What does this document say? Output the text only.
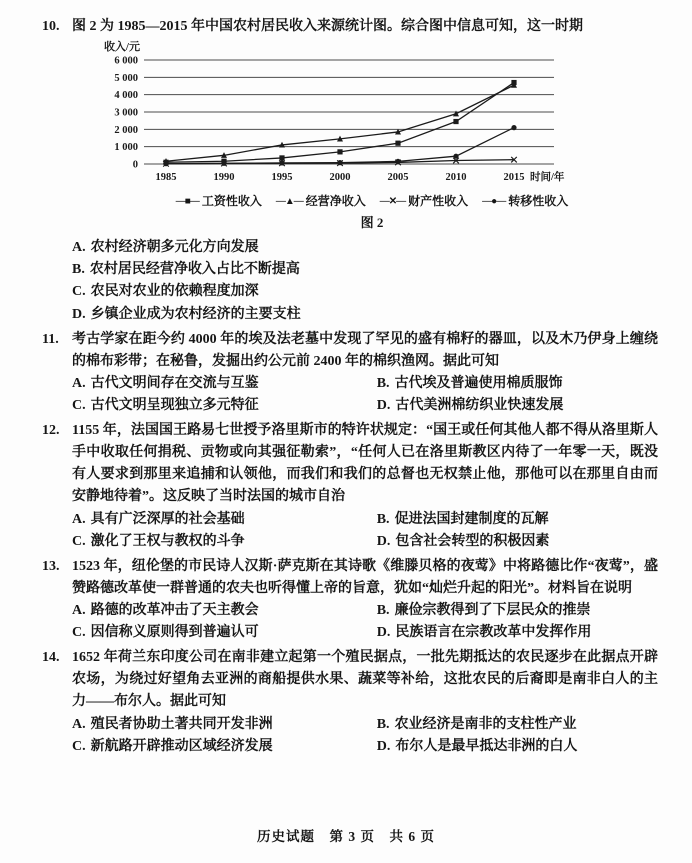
10. 图 2 为 1985—2015 年中国农村居民收入来源统计图。综合图中信息可知，这一时期

收入/元
0
1 000
2 000
3 000
4 000
5 000
6 000
1985	1990	1995	2000	2005	2010	2015 时间/年
—■— 工资性收入 —▲— 经营净收入 —✕— 财产性收入 —●— 转移性收入
图 2
A. 农村经济朝多元化方向发展
B. 农村居民经营净收入占比不断提高
C. 农民对农业的依赖程度加深
D. 乡镇企业成为农村经济的主要支柱
11. 考古学家在距今约 4000 年的埃及法老墓中发现了罕见的盛有棉籽的器皿，以及木乃伊身上缠绕的棉布彩带；在秘鲁，发掘出约公元前 2400 年的棉织渔网。据此可知

A. 古代文明间存在交流与互鉴	B. 古代埃及普遍使用棉质服饰
C. 古代文明呈现独立多元特征	D. 古代美洲棉纺织业快速发展
12. 1155 年，法国国王路易七世授予洛里斯市的特许状规定：“国王或任何其他人都不得从洛里斯人手中收取任何捐税、贡物或向其强征勒索”，“任何人已在洛里斯教区内待了一年零一天，既没有人要求到那里来追捕和认领他，而我们和我们的总督也无权禁止他，那他可以在那里自由而安静地待着”。这反映了当时法国的城市自治

A. 具有广泛深厚的社会基础	B. 促进法国封建制度的瓦解
C. 激化了王权与教权的斗争	D. 包含社会转型的积极因素
13. 1523 年，纽伦堡的市民诗人汉斯·萨克斯在其诗歌《维滕贝格的夜莺》中将路德比作“夜莺”，盛赞路德改革使一群普通的农夫也听得懂上帝的旨意，犹如“灿烂升起的阳光”。材料旨在说明

A. 路德的改革冲击了天主教会	B. 廉俭宗教得到了下层民众的推崇
C. 因信称义原则得到普遍认可	D. 民族语言在宗教改革中发挥作用
14. 1652 年荷兰东印度公司在南非建立起第一个殖民据点，一批先期抵达的农民逐步在此据点开辟农场，为绕过好望角去亚洲的商船提供水果、蔬菜等补给，这批农民的后裔即是南非白人的主力——布尔人。据此可知

A. 殖民者协助土著共同开发非洲	B. 农业经济是南非的支柱性产业
C. 新航路开辟推动区域经济发展	D. 布尔人是最早抵达非洲的白人
历史试题　第 3 页　共 6 页
